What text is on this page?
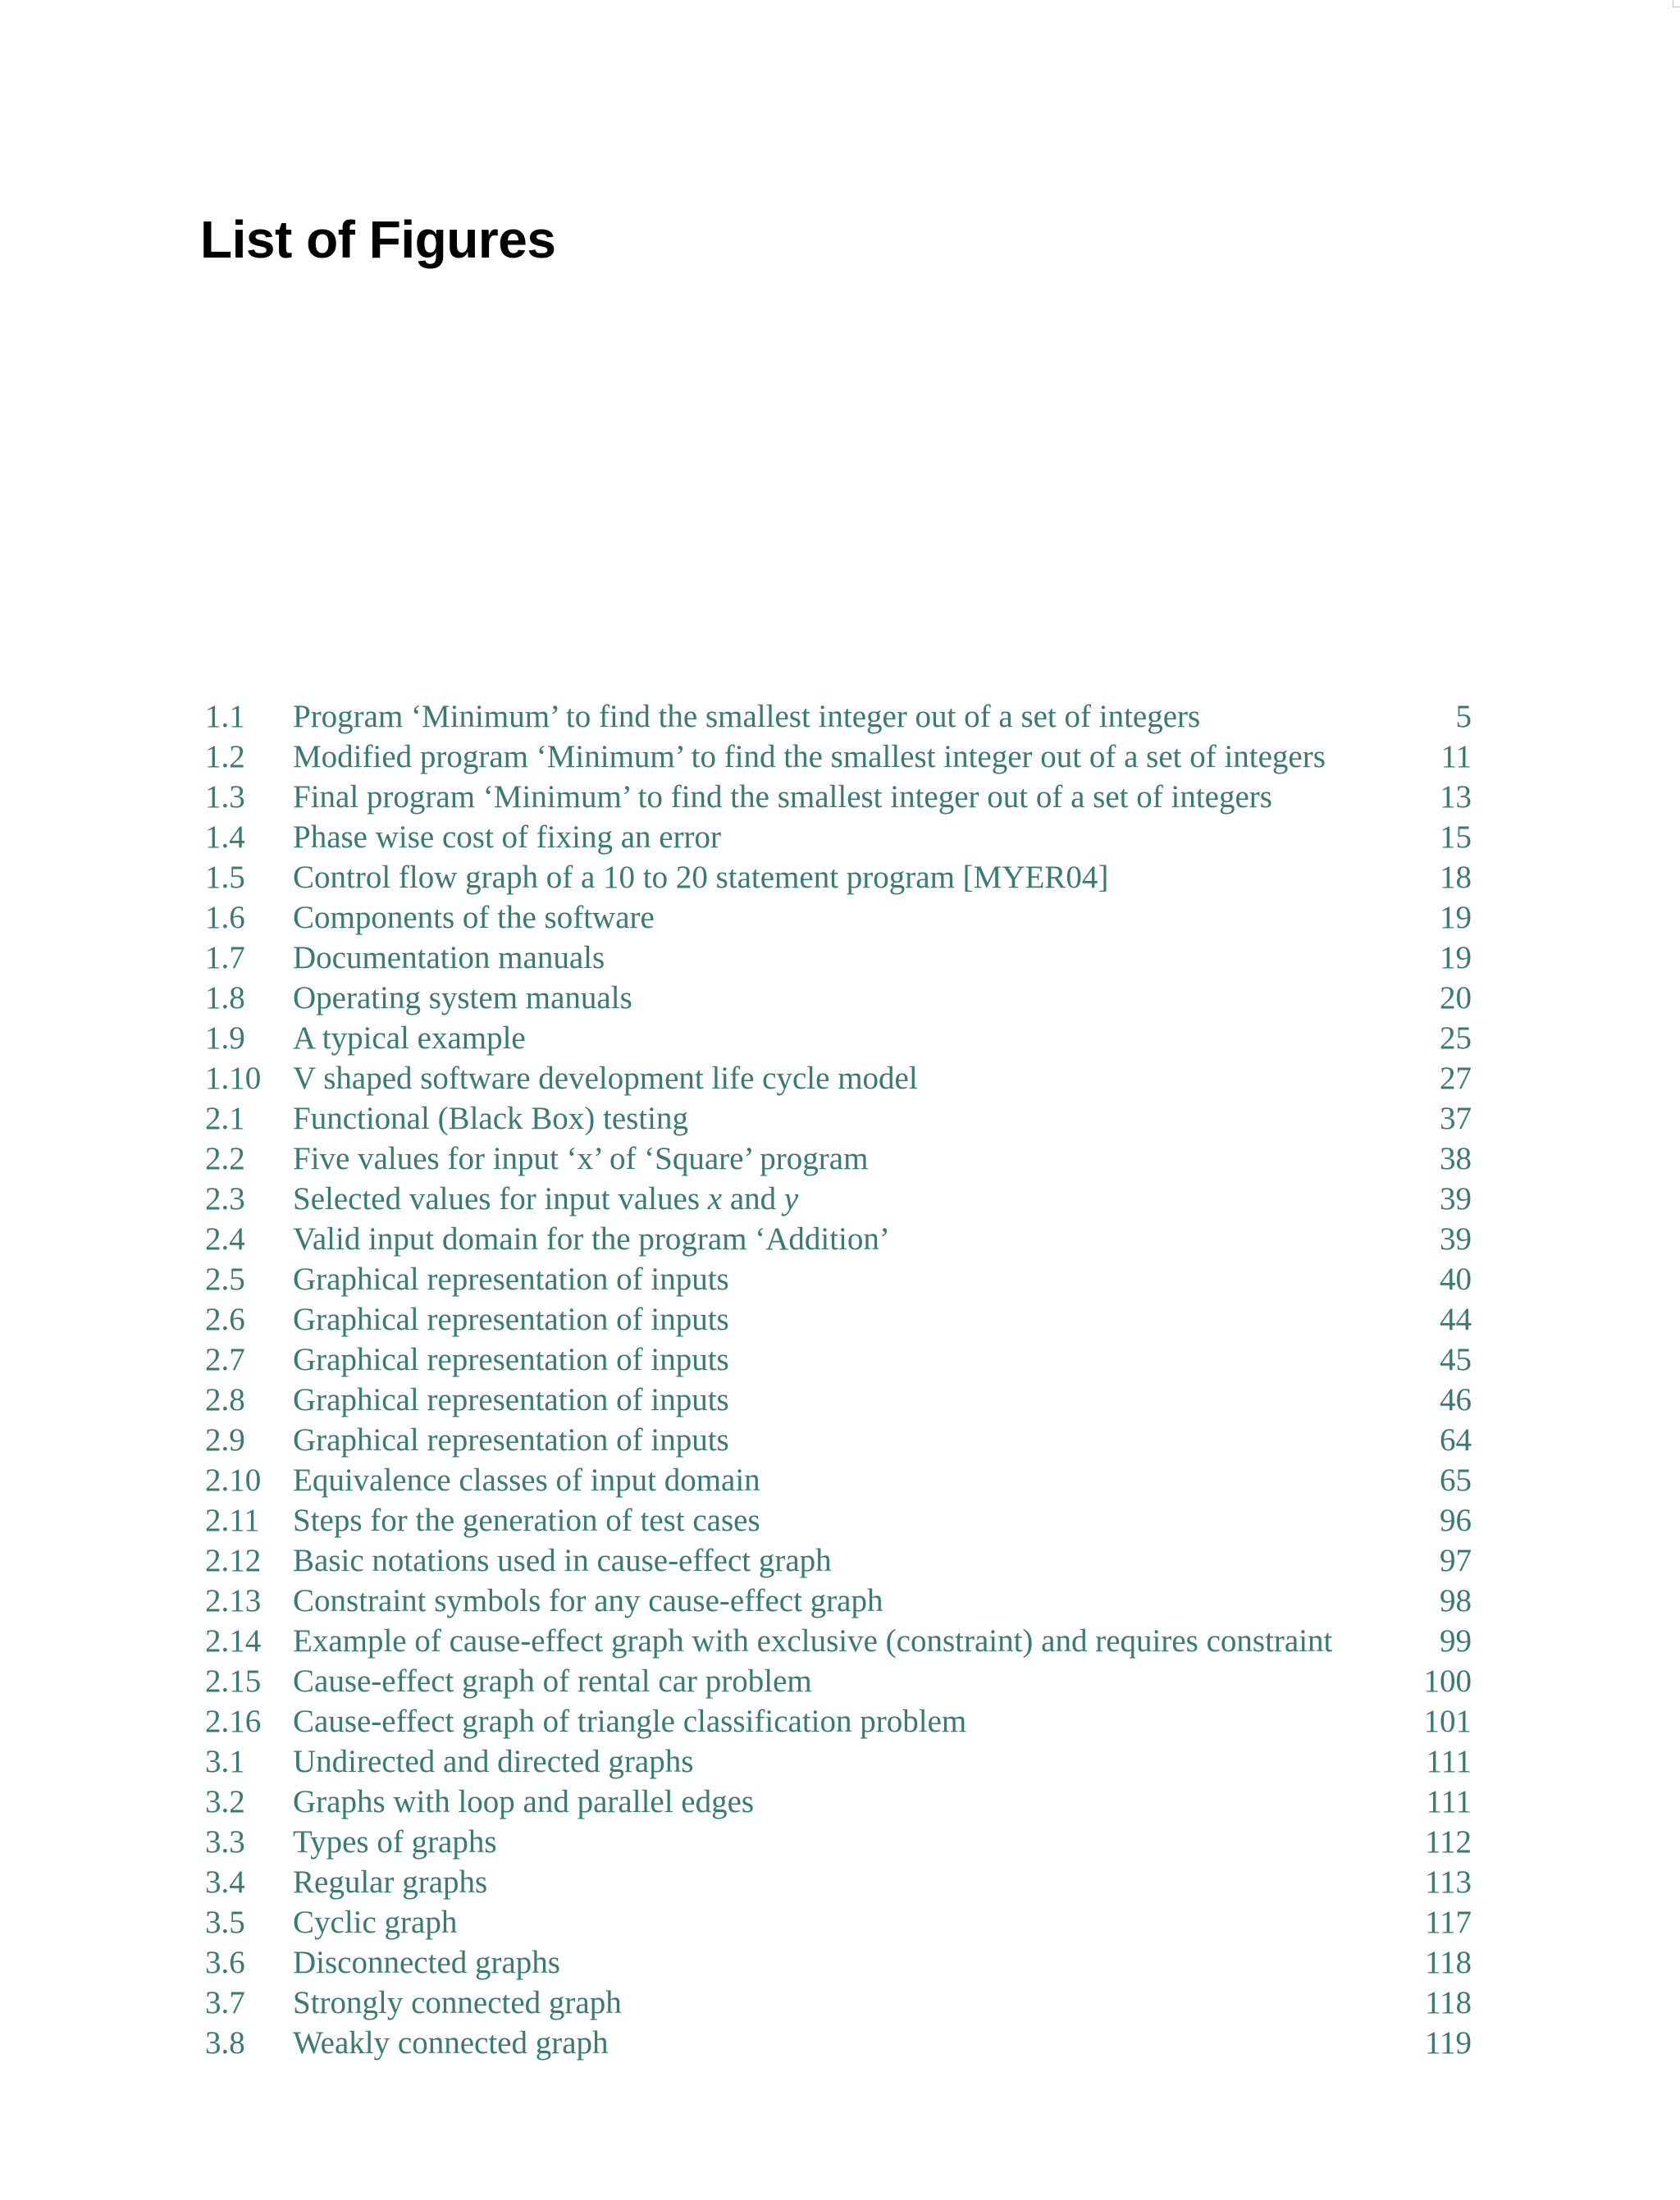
List of Figures
1.1 Program ‘Minimum’ to find the smallest integer out of a set of integers	5
1.2 Modified program ‘Minimum’ to find the smallest integer out of a set of integers	11
1.3 Final program ‘Minimum’ to find the smallest integer out of a set of integers	13
1.4 Phase wise cost of fixing an error	15
1.5 Control flow graph of a 10 to 20 statement program [MYER04]	18
1.6 Components of the software	19
1.7 Documentation manuals	19
1.8 Operating system manuals	20
1.9 A typical example	25
1.10 V shaped software development life cycle model	27
2.1 Functional (Black Box) testing	37
2.2 Five values for input ‘x’ of ‘Square’ program	38
2.3 Selected values for input values x and y	39
2.4 Valid input domain for the program ‘Addition’	39
2.5 Graphical representation of inputs	40
2.6 Graphical representation of inputs	44
2.7 Graphical representation of inputs	45
2.8 Graphical representation of inputs	46
2.9 Graphical representation of inputs	64
2.10 Equivalence classes of input domain	65
2.11 Steps for the generation of test cases	96
2.12 Basic notations used in cause-effect graph	97
2.13 Constraint symbols for any cause-effect graph	98
2.14 Example of cause-effect graph with exclusive (constraint) and requires constraint	99
2.15 Cause-effect graph of rental car problem	100
2.16 Cause-effect graph of triangle classification problem	101
3.1 Undirected and directed graphs	111
3.2 Graphs with loop and parallel edges	111
3.3 Types of graphs	112
3.4 Regular graphs	113
3.5 Cyclic graph	117
3.6 Disconnected graphs	118
3.7 Strongly connected graph	118
3.8 Weakly connected graph	119
